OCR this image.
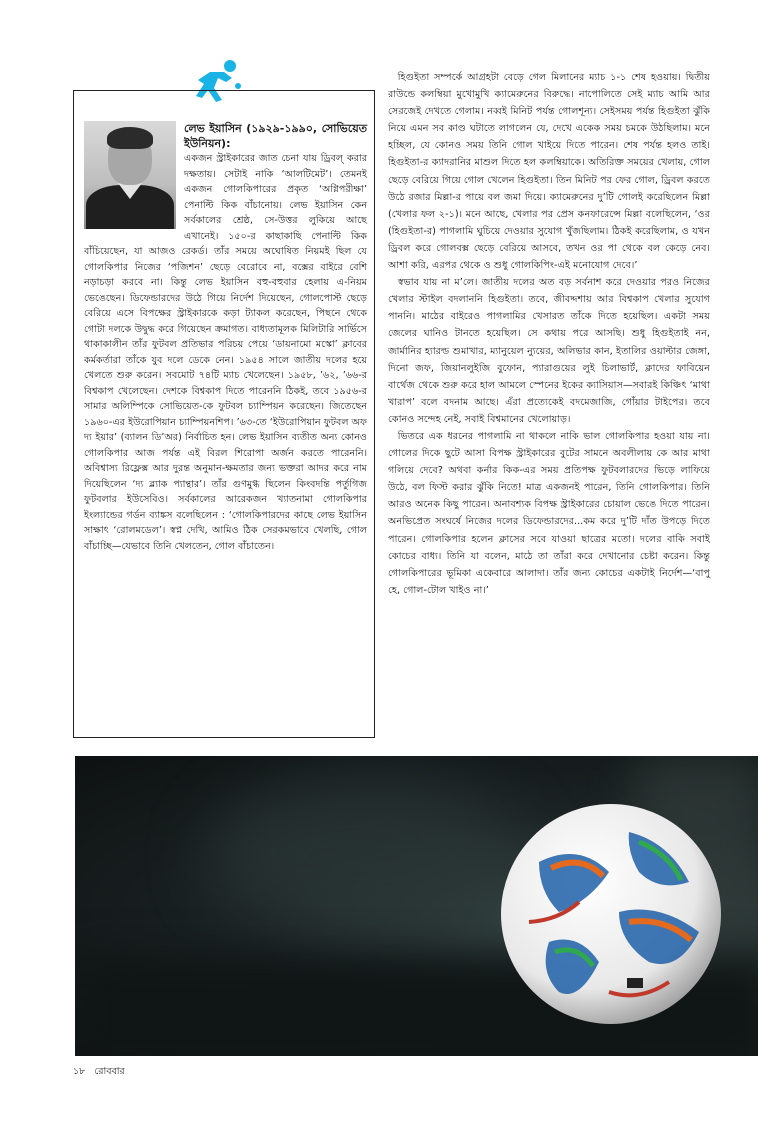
লেভ ইয়াসিন (১৯২৯-১৯৯০, সোভিয়েত ইউনিয়ন):
একজন স্ট্রাইকারের জাত চেনা যায় ড্রিবল্ করার দক্ষতায়। সেটাই নাকি ‘আলটিমেট’। তেমনই একজন গোলকিপারের প্রকৃত ‘অগ্নিপরীক্ষা’ পেনাল্টি কিক বাঁচানোয়। লেভ ইয়াসিন কেন সর্বকালের শ্রেষ্ঠ, সে-উত্তর লুকিয়ে আছে এখানেই। ১৫০-র কাছাকাছি পেনাল্টি কিক বাঁচিয়েছেন, যা আজও রেকর্ড। তাঁর সময়ে অঘোষিত নিয়মই ছিল যে গোলকিপার নিজের ‘পজিশন’ ছেড়ে বেরোবে না, বক্সের বাইরে বেশি নড়াচড়া করবে না। কিন্তু লেভ ইয়াসিন বহু-বহুবার হেলায় এ-নিয়ম ভেঙেছেন। ডিফেন্ডারদের উঠে গিয়ে নির্দেশ দিয়েছেন, গোলপোস্ট ছেড়ে বেরিয়ে এসে বিপক্ষের স্ট্রাইকারকে কড়া ট্যাকল করেছেন, পিছনে থেকে গোটা দলকে উদ্বুদ্ধ করে গিয়েছেন ক্রমাগত। বাধ্যতামূলক মিলিটারি সার্ভিসে থাকাকালীন তাঁর ফুটবল প্রতিভার পরিচয় পেয়ে ‘ডায়নামো মস্কো’ ক্লাবের কর্মকর্তারা তাঁকে যুব দলে ডেকে নেন। ১৯৫৪ সালে জাতীয় দলের হয়ে খেলতে শুরু করেন। সবমোট ৭৪টি ম্যাচ খেলেছেন। ১৯৫৮, ’৬২, ’৬৬-র বিশ্বকাপ খেলেছেন। দেশকে বিশ্বকাপ দিতে পারেননি ঠিকই, তবে ১৯৫৬-র সামার অলিম্পিকে সোভিয়েত-কে ফুটবল চ্যাম্পিয়ন করেছেন। জিতেছেন ১৯৬০-এর ইউরোপিয়ান চ্যাম্পিয়নশিপ। ’৬৩-তে ‘ইউরোপিয়ান ফুটবল অফ দ্য ইয়ার’ (ব্যালন ডি’অর) নির্বাচিত হন। লেভ ইয়াসিন ব্যতীত অন্য কোনও গোলকিপার আজ পর্যন্ত এই বিরল শিরোপা অর্জন করতে পারেননি। অবিশ্বাস্য রিফ্লেক্স আর দুরন্ত অনুমান-ক্ষমতার জন্য ভক্তরা আদর করে নাম দিয়েছিলেন ‘দ্য ব্ল্যাক প্যান্থার’। তাঁর গুণমুগ্ধ ছিলেন কিংবদন্তি পর্তুগিজ ফুটবলার ইউসেবিও। সর্বকালের আরেকজন খ্যাতনামা গোলকিপার ইংল্যান্ডের গর্ডন ব্যাঙ্কস বলেছিলেন : ‘গোলকিপারদের কাছে লেভ ইয়াসিন সাক্ষাৎ ‘রোলমডেল’। স্বপ্ন দেখি, আমিও ঠিক সেরকমভাবে খেলছি, গোল বাঁচাচ্ছি—যেভাবে তিনি খেলতেন, গোল বাঁচাতেন।

হিগুইতা সম্পর্কে আগ্রহটা বেড়ে গেল মিলানের ম্যাচ ১-১ শেষ হওয়ায়। দ্বিতীয় রাউন্ডে কলম্বিয়া মুখোমুখি ক্যামেরুনের বিরুদ্ধে। নাপোলিতে সেই ম্যাচ আমি আর সেরজেই দেখতে গেলাম। নব্বই মিনিট পর্যন্ত গোলশূন্য। সেইসময় পর্যন্ত হিগুইতা ঝুঁকি নিয়ে এমন সব কাণ্ড ঘটাতে লাগলেন যে, দেখে একেক সময় চমকে উঠছিলাম। মনে হচ্ছিল, যে কোনও সময় তিনি গোল খাইয়ে দিতে পারেন। শেষ পর্যন্ত হলও তাই। হিগুইতা-র ক্যাদরানির মাশুল দিতে হল কলম্বিয়াকে। অতিরিক্ত সময়ের খেলায়, গোল ছেড়ে বেরিয়ে গিয়ে গোল খেলেন হিগুইতা। তিন মিনিট পর ফের গোল, ড্রিবল করতে উঠে রজার মিল্লা-র পায়ে বল জমা দিয়ে। ক্যামেরুনের দু’টি গোলই করেছিলেন মিল্লা (খেলার ফল ২-১)। মনে আছে, খেলার পর প্রেস কনফারেন্সে মিল্লা বলেছিলেন, ‘ওর (হিগুইতা-র) পাগলামি ঘুচিয়ে দেওয়ার সুযোগ খুঁজছিলাম। ঠিকই করেছিলাম, ও যখন ড্রিবল করে গোলবক্স ছেড়ে বেরিয়ে আসবে, তখন ওর পা থেকে বল কেড়ে নেব। আশা করি, এরপর থেকে ও শুধু গোলকিপিং-এই মনোযোগ দেবে।’

স্বভাব যায় না ম’লে। জাতীয় দলের অত বড় সর্বনাশ করে দেওয়ার পরও নিজের খেলার স্টাইল বদলাননি হিগুইতা। তবে, জীবদ্দশায় আর বিশ্বকাপ খেলার সুযোগ পাননি। মাঠের বাইরেও পাগলামির খেসারত তাঁকে দিতে হয়েছিল। একটা সময় জেলের ঘানিও টানতে হয়েছিল। সে কথায় পরে আসছি। শুধু হিগুইতাই নন, জার্মানির হ্যারল্ড শুমাখার, ম্যানুয়েল ন্যুয়ের, অলিভার কান, ইতালির ওয়াল্টার জেঙ্গা, দিনো জফ, জিয়ানলুইজি বুফোন, প্যারাগুয়ের লুই চিলাভার্ট, ক্লাদের ফাবিয়েন বার্থেজ থেকে শুরু করে হাল আমলে স্পেনের ইকের ক্যাসিয়াস—সবারই কিঞ্চিৎ ‘মাথা খারাপ’ বলে বদনাম আছে। এঁরা প্রত্যেকেই বদমেজাজি, গোঁয়ার টাইপের। তবে কোনও সন্দেহ নেই, সবাই বিশ্বমানের খেলোয়াড়।

ভিতরে এক ধরনের পাগলামি না থাকলে নাকি ভাল গোলকিপার হওয়া যায় না। গোলের দিকে ছুটে আসা বিপক্ষ স্ট্রাইকারের বুটের সামনে অবলীলায় কে আর মাথা গলিয়ে দেবে? অথবা কর্নার কিক-এর সময় প্রতিপক্ষ ফুটবলারদের ভিড়ে লাফিয়ে উঠে, বল ফিস্ট করার ঝুঁকি নিতে! মাত্র একজনই পারেন, তিনি গোলকিপার। তিনি আরও অনেক কিছু পারেন। অনাবশ্যক বিপক্ষ স্ট্রাইকারের চোয়াল ভেঙে দিতে পারেন। অনভিপ্রেত সংঘর্ষে নিজের দলের ডিফেন্ডারদের...কম করে দু’টি দাঁত উপড়ে দিতে পারেন। গোলকিপার হলেন ক্লাসের সবে যাওয়া ছাত্রের মতো। দলের বাকি সবাই কোচের বাধ্য। তিনি যা বলেন, মাঠে তা তাঁরা করে দেখানোর চেষ্টা করেন। কিন্তু গোলকিপারের ভূমিকা একেবারে আলাদা। তাঁর জন্য কোচের একটাই নির্দেশ—‘বাপু হে, গোল-টোল খাইও না।’

১৮ রোববার
